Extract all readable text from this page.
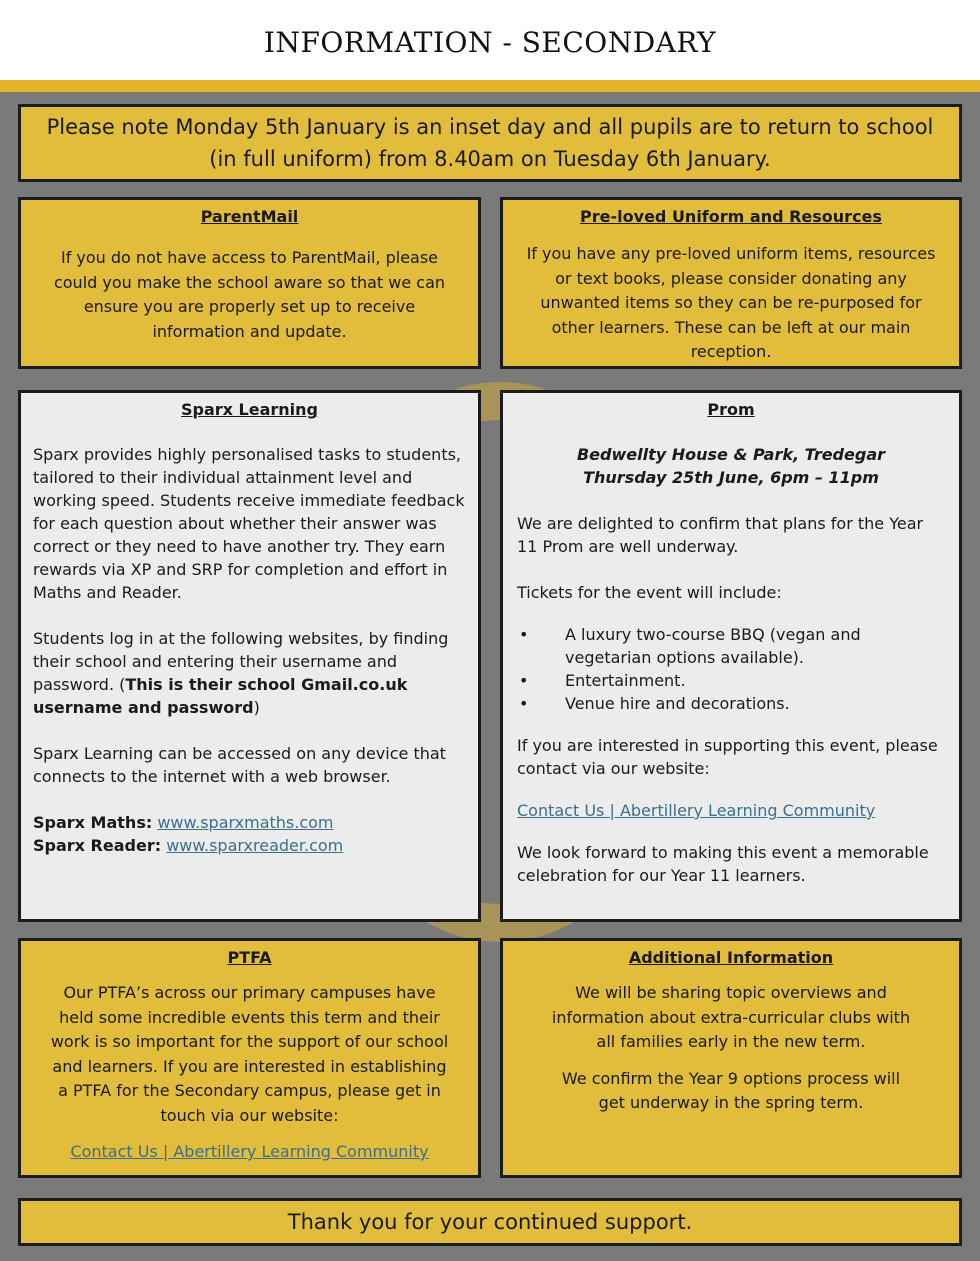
INFORMATION - SECONDARY
Please note Monday 5th January is an inset day and all pupils are to return to school (in full uniform) from 8.40am on Tuesday 6th January.
ParentMail
If you do not have access to ParentMail, please could you make the school aware so that we can ensure you are properly set up to receive information and update.
Pre-loved Uniform and Resources
If you have any pre-loved uniform items, resources or text books, please consider donating any unwanted items so they can be re-purposed for other learners. These can be left at our main reception.
Sparx Learning
Sparx provides highly personalised tasks to students, tailored to their individual attainment level and working speed. Students receive immediate feedback for each question about whether their answer was correct or they need to have another try. They earn rewards via XP and SRP for completion and effort in Maths and Reader.
Students log in at the following websites, by finding their school and entering their username and password. (This is their school Gmail.co.uk username and password)
Sparx Learning can be accessed on any device that connects to the internet with a web browser.
Sparx Maths: www.sparxmaths.com
Sparx Reader: www.sparxreader.com
Prom
Bedwellty House & Park, Tredegar
Thursday 25th June, 6pm – 11pm
We are delighted to confirm that plans for the Year 11 Prom are well underway.
Tickets for the event will include:
•	A luxury two-course BBQ (vegan and vegetarian options available).
•	Entertainment.
•	Venue hire and decorations.
If you are interested in supporting this event, please contact via our website:
Contact Us | Abertillery Learning Community
We look forward to making this event a memorable celebration for our Year 11 learners.
PTFA
Our PTFA’s across our primary campuses have held some incredible events this term and their work is so important for the support of our school and learners. If you are interested in establishing a PTFA for the Secondary campus, please get in touch via our website:
Contact Us | Abertillery Learning Community
Additional Information
We will be sharing topic overviews and information about extra-curricular clubs with all families early in the new term.
We confirm the Year 9 options process will get underway in the spring term.
Thank you for your continued support.
